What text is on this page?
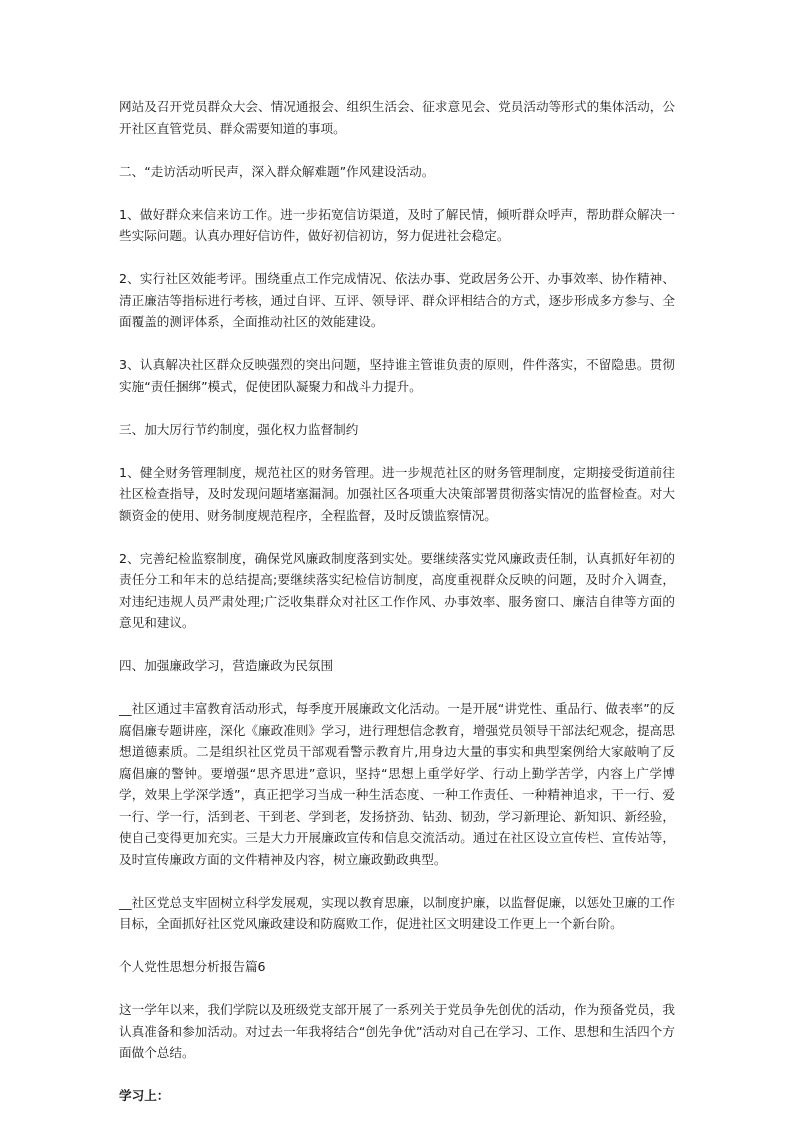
网站及召开党员群众大会、情况通报会、组织生活会、征求意见会、党员活动等形式的集体活动，公开社区直管党员、群众需要知道的事项。

二、“走访活动听民声，深入群众解难题”作风建设活动。

1、做好群众来信来访工作。进一步拓宽信访渠道，及时了解民情，倾听群众呼声，帮助群众解决一些实际问题。认真办理好信访件，做好初信初访，努力促进社会稳定。

2、实行社区效能考评。围绕重点工作完成情况、依法办事、党政居务公开、办事效率、协作精神、清正廉洁等指标进行考核，通过自评、互评、领导评、群众评相结合的方式，逐步形成多方参与、全面覆盖的测评体系，全面推动社区的效能建设。

3、认真解决社区群众反映强烈的突出问题，坚持谁主管谁负责的原则，件件落实，不留隐患。贯彻实施“责任捆绑”模式，促使团队凝聚力和战斗力提升。

三、加大厉行节约制度，强化权力监督制约

1、健全财务管理制度，规范社区的财务管理。进一步规范社区的财务管理制度，定期接受街道前往社区检查指导，及时发现问题堵塞漏洞。加强社区各项重大决策部署贯彻落实情况的监督检查。对大额资金的使用、财务制度规范程序，全程监督，及时反馈监察情况。

2、完善纪检监察制度，确保党风廉政制度落到实处。要继续落实党风廉政责任制，认真抓好年初的责任分工和年末的总结提高;要继续落实纪检信访制度，高度重视群众反映的问题，及时介入调查，对违纪违规人员严肃处理;广泛收集群众对社区工作作风、办事效率、服务窗口、廉洁自律等方面的意见和建议。

四、加强廉政学习，营造廉政为民氛围

__社区通过丰富教育活动形式，每季度开展廉政文化活动。一是开展“讲党性、重品行、做表率”的反腐倡廉专题讲座，深化《廉政准则》学习，进行理想信念教育，增强党员领导干部法纪观念，提高思想道德素质。二是组织社区党员干部观看警示教育片,用身边大量的事实和典型案例给大家敲响了反腐倡廉的警钟。要增强“思齐思进”意识，坚持“思想上重学好学、行动上勤学苦学，内容上广学博学，效果上学深学透”，真正把学习当成一种生活态度、一种工作责任、一种精神追求，干一行、爱一行、学一行，活到老、干到老、学到老，发扬挤劲、钻劲、韧劲，学习新理论、新知识、新经验，使自己变得更加充实。三是大力开展廉政宣传和信息交流活动。通过在社区设立宣传栏、宣传站等，及时宣传廉政方面的文件精神及内容，树立廉政勤政典型。

__社区党总支牢固树立科学发展观，实现以教育思廉，以制度护廉，以监督促廉，以惩处卫廉的工作目标，全面抓好社区党风廉政建设和防腐败工作，促进社区文明建设工作更上一个新台阶。

个人党性思想分析报告篇6

这一学年以来，我们学院以及班级党支部开展了一系列关于党员争先创优的活动，作为预备党员，我认真准备和参加活动。对过去一年我将结合“创先争优”活动对自己在学习、工作、思想和生活四个方面做个总结。

学习上：
